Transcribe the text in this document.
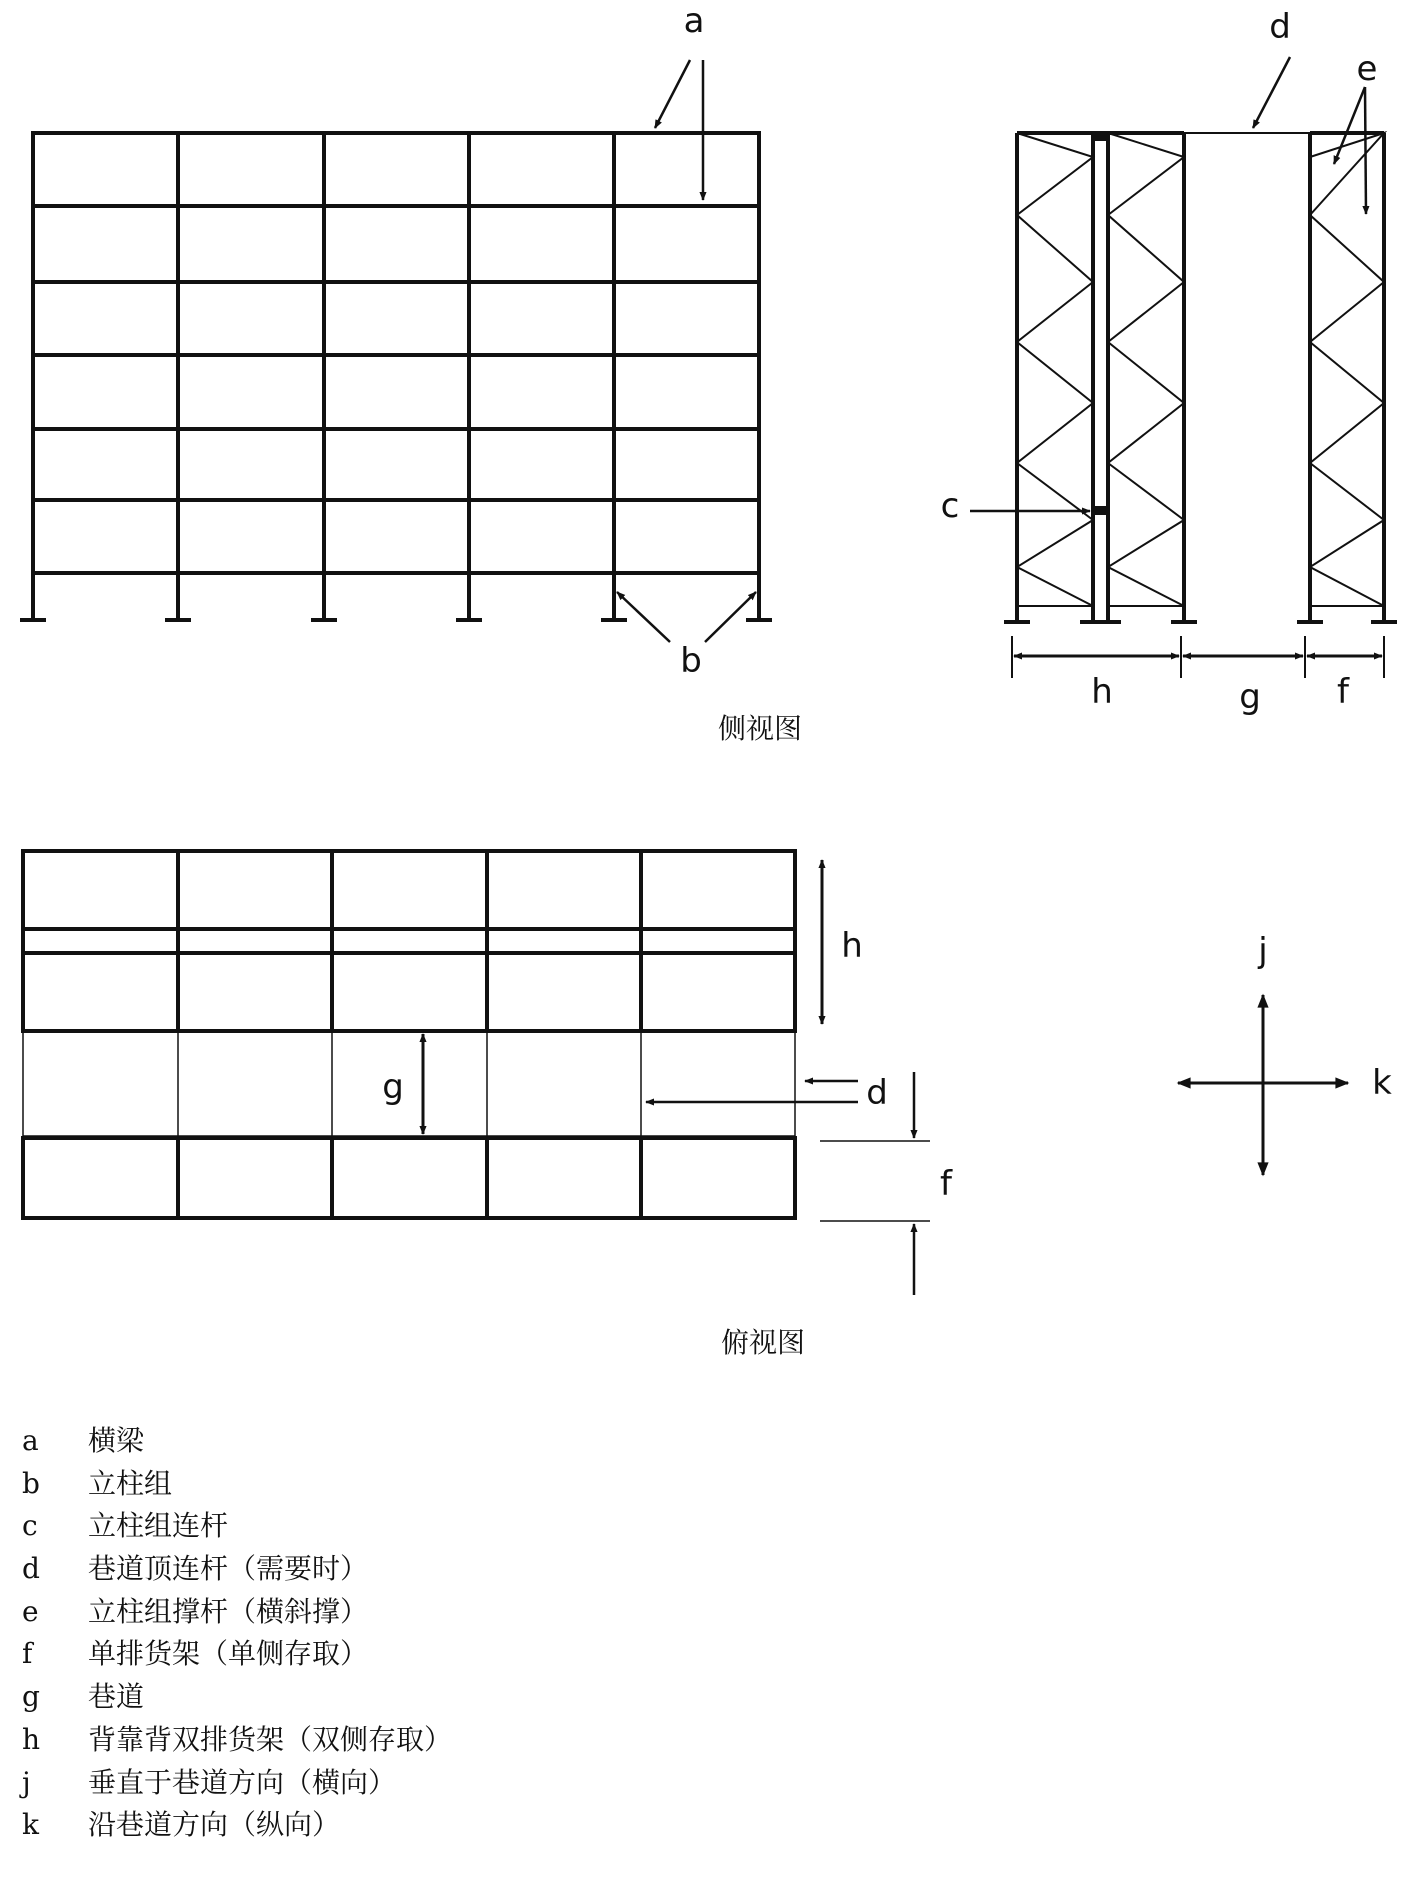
a
b
d
e
c
h	g f
侧视图
h
g	d
f
j
k
俯视图
a	横梁
b	立柱组
c	立柱组连杆
d	巷道顶连杆（需要时）
e	立柱组撑杆（横斜撑）
f	单排货架（单侧存取）
g	巷道
h	背靠背双排货架（双侧存取）
j	垂直于巷道方向（横向）
k	沿巷道方向（纵向）
